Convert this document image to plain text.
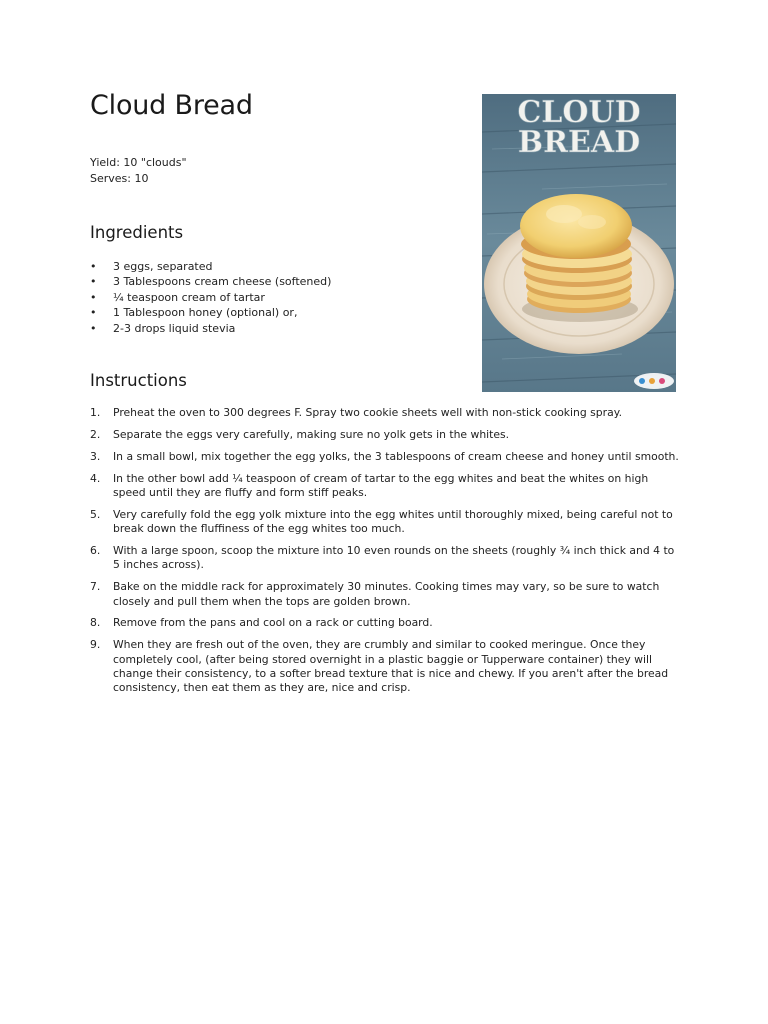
Cloud Bread
Yield: 10 "clouds"
Serves: 10
Ingredients
• 3 eggs, separated
• 3 Tablespoons cream cheese (softened)
• ¼ teaspoon cream of tartar
• 1 Tablespoon honey (optional) or,
• 2-3 drops liquid stevia
Instructions
1. Preheat the oven to 300 degrees F. Spray two cookie sheets well with non-stick cooking spray.
2. Separate the eggs very carefully, making sure no yolk gets in the whites.
3. In a small bowl, mix together the egg yolks, the 3 tablespoons of cream cheese and honey until smooth.
4. In the other bowl add ¼ teaspoon of cream of tartar to the egg whites and beat the whites on high speed until they are fluffy and form stiff peaks.
5. Very carefully fold the egg yolk mixture into the egg whites until thoroughly mixed, being careful not to break down the fluffiness of the egg whites too much.
6. With a large spoon, scoop the mixture into 10 even rounds on the sheets (roughly ¾ inch thick and 4 to 5 inches across).
7. Bake on the middle rack for approximately 30 minutes. Cooking times may vary, so be sure to watch closely and pull them when the tops are golden brown.
8. Remove from the pans and cool on a rack or cutting board.
9. When they are fresh out of the oven, they are crumbly and similar to cooked meringue. Once they completely cool, (after being stored overnight in a plastic baggie or Tupperware container) they will change their consistency, to a softer bread texture that is nice and chewy. If you aren't after the bread consistency, then eat them as they are, nice and crisp.
CLOUD
BREAD
